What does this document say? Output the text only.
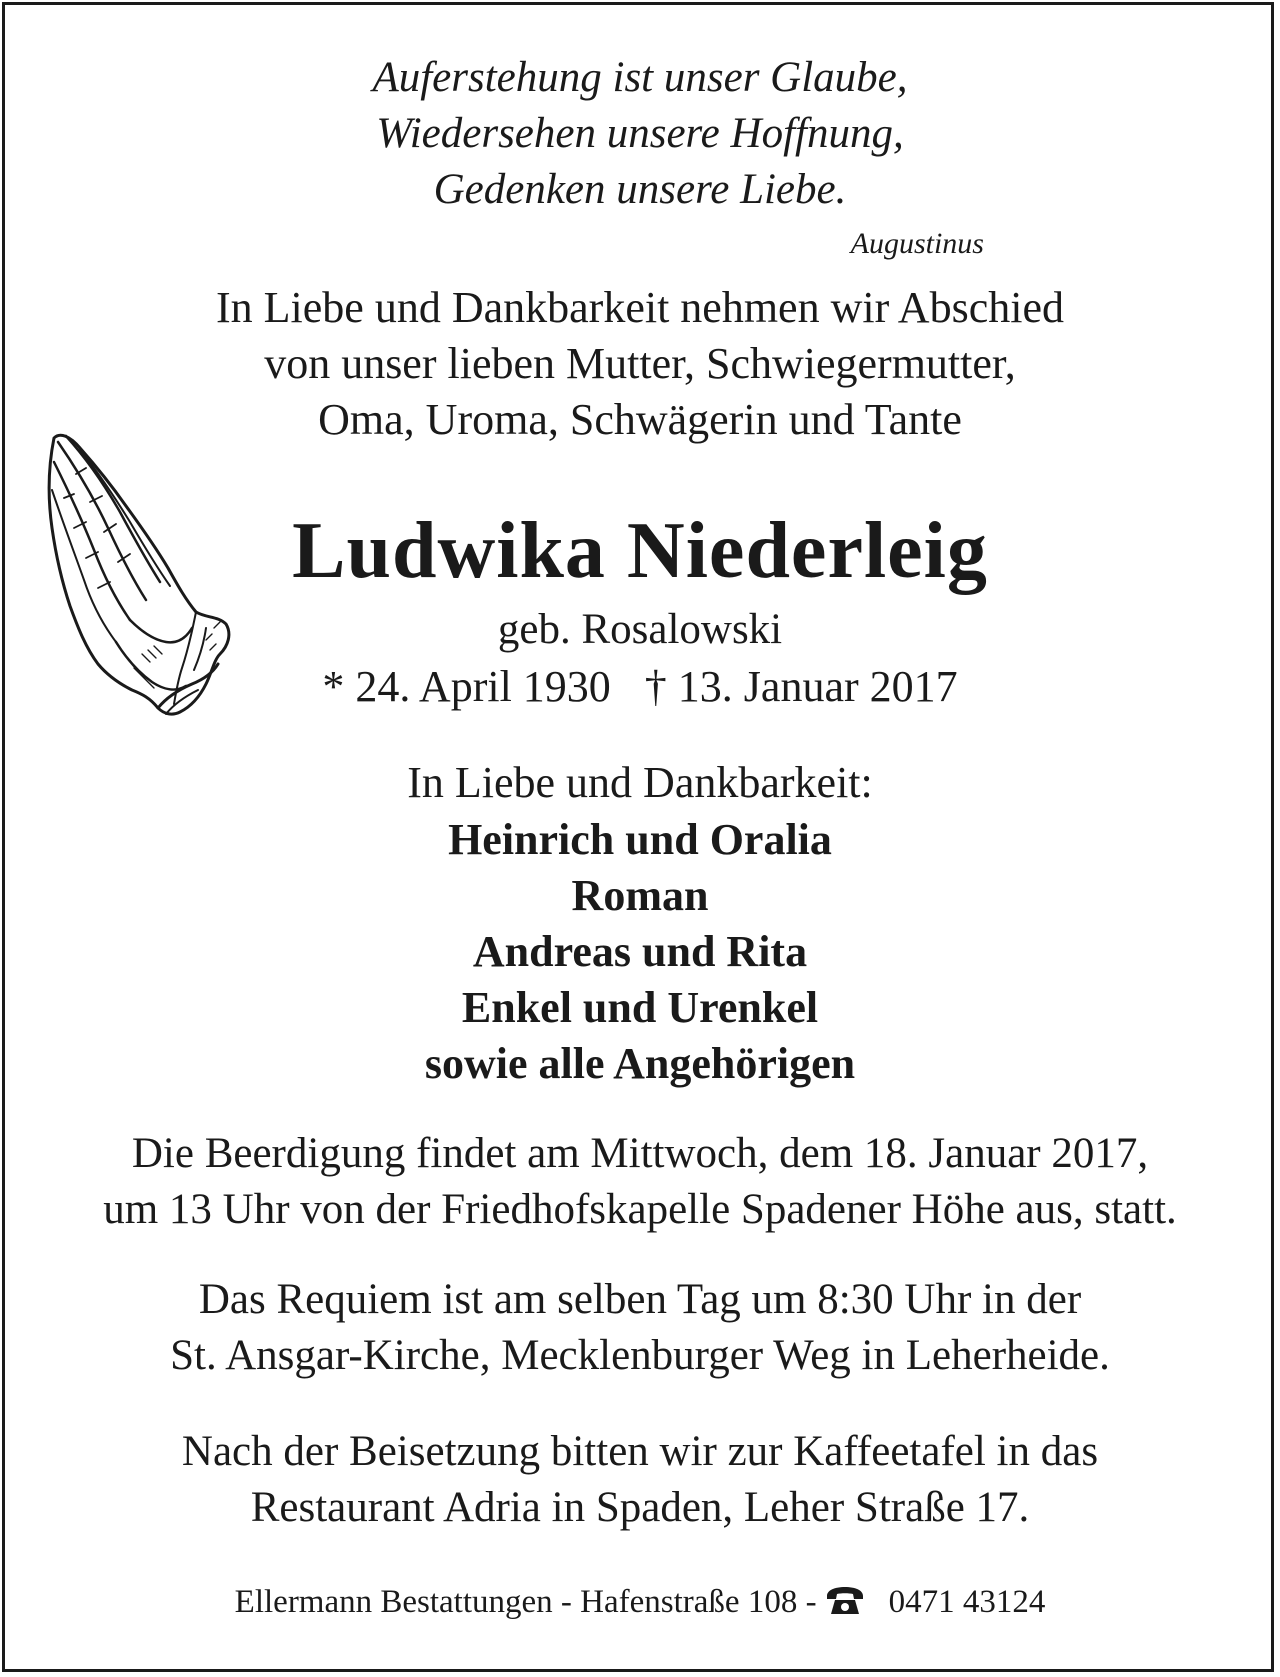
Auferstehung ist unser Glaube,
Wiedersehen unsere Hoffnung,
Gedenken unsere Liebe.

Augustinus

In Liebe und Dankbarkeit nehmen wir Abschied
von unser lieben Mutter, Schwiegermutter,
Oma, Uroma, Schwägerin und Tante

Ludwika Niederleig

geb. Rosalowski

* 24. April 1930 † 13. Januar 2017

In Liebe und Dankbarkeit:

Heinrich und Oralia
Roman
Andreas und Rita
Enkel und Urenkel
sowie alle Angehörigen
Die Beerdigung findet am Mittwoch, dem 18. Januar 2017,
um 13 Uhr von der Friedhofskapelle Spadener Höhe aus, statt.
Das Requiem ist am selben Tag um 8:30 Uhr in der
St. Ansgar-Kirche, Mecklenburger Weg in Leherheide.
Nach der Beisetzung bitten wir zur Kaffeetafel in das
Restaurant Adria in Spaden, Leher Straße 17.

Ellermann Bestattungen - Hafenstraße 108 - 0471 43124
